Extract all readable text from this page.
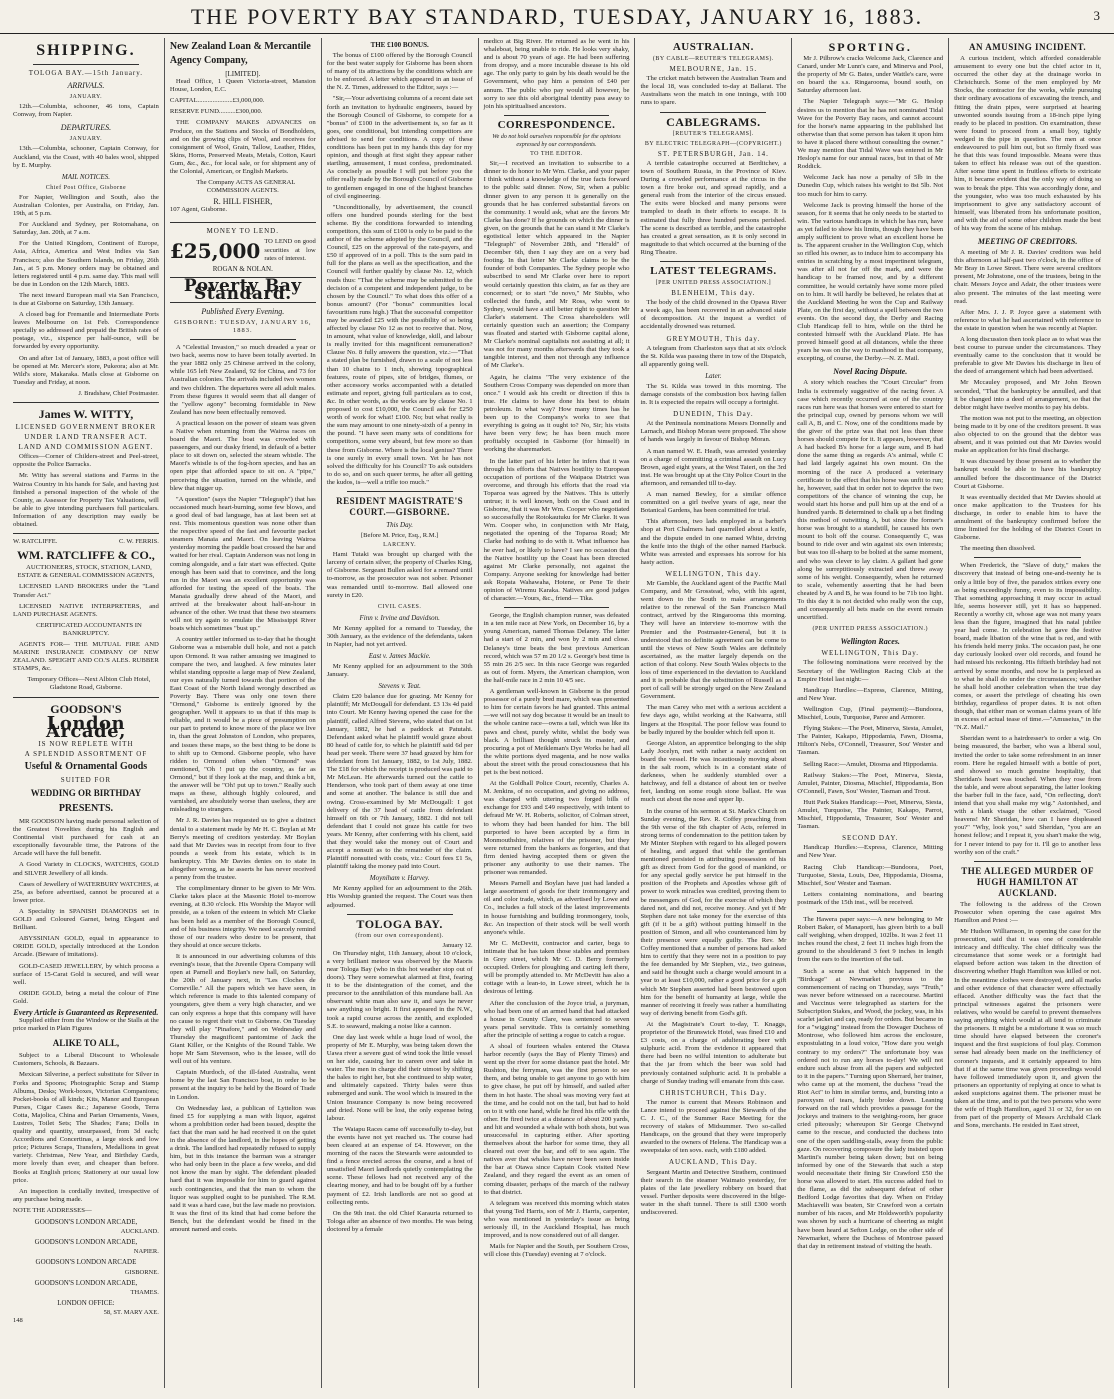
THE POVERTY BAY STANDARD, TUESDAY, JANUARY 16, 1883.	3
SHIPPING.
TOLOGA BAY.—15th January.
ARRIVALS.
JANUARY.

12th.—Columbia, schooner, 46 tons, Captain Conway, from Napier.

DEPARTURES.
JANUARY.

13th.—Columbia, schooner, Captain Conway, for Auckland, via the Coast, with 40 bales wool, shipped by E. Murphy.

MAIL NOTICES.
Chief Post Office, Gisborne

For Napier, Wellington and South, also the Australian Colonies, per Australia, on Friday, Jan. 19th, at 5 p.m.

For Auckland and Sydney, per Rotomahana, on Saturday, Jan. 20th, at 7 a.m.

For the United Kingdom, Continent of Europe, Asia, Africa, America and West Indies via San Francisco; also the Southern Islands, on Friday, 26th Jan., at 5 p.m. Money orders may be obtained and letters registered until 4 p.m. same day. This mail will be due in London on the 12th March, 1883.

The next inward European mail via San Francisco, is due at Gisborne on Saturday, 13th January.

A closed bag for Fremantle and Intermediate Ports leaves Melbourne on 1st Feb. Correspondence specially so addressed and prepaid the British rates of postage, viz., sixpence per half-ounce, will be forwarded by every opportunity.

On and after 1st of January, 1883, a post office will be opened at Mr. Mercer's store, Pukeora; also at Mr. Wild's store, Makaraka. Mails close at Gisborne on Tuesday and Friday, at noon.

J. Bradshaw, Chief Postmaster.
James W. WITTY,
LICENSED GOVERNMENT BROKER
UNDER LAND TRANSFER ACT.
LAND AND COMMISSION AGENT.

Offices—Corner of Childers-street and Peel-street, opposite the Police Barracks.

Mr. Witty has several stations and Farms in the Wairoa Country in his hands for Sale, and having just finished a personal inspection of the whole of the County, as Assessor for Property Tax Valuations, will be able to give intending purchasers full particulars. Information of any description may easily be obtained.

W. RATCLIFFE.	C. W. FERRIS.
WM. RATCLIFFE & CO.,

AUCTIONEERS, STOCK, STATION, LAND, ESTATE & GENERAL COMMISSION AGENTS,

LICENSED LAND BROKERS under the "Land Transfer Act."

LICENSED NATIVE INTERPRETERS, and LAND PURCHASE AGENTS.

CERTIFICATED ACCOUNTANTS IN BANKRUPTCY.

AGENTS FOR— THE MUTUAL FIRE AND MARINE INSURANCE COMPANY OF NEW ZEALAND. SPEIGHT AND CO.'S ALES. RUBBER STAMPS, &c.

Temporary Offices—Next Albion Club Hotel, Gladstone Road, Gisborne.

GOODSON'S
London Arcade,
IS NOW REPLETE WITH
A SPLENDID ASSORTMENT OF
Useful & Ornamental Goods
SUITED FOR
WEDDING OR BIRTHDAY
PRESENTS.

MR GOODSON having made personal selection of the Greatest Novelties during his English and Continental visit purchased for cash at an exceptionally favourable time, the Patrons of the Arcade will have the full benefit.

A Good Variety in CLOCKS, WATCHES, GOLD and SILVER Jewellery of all kinds.

Cases of Jewellery of WATERBURY WATCHES, at 25s, as before advertised, cannot be procured at a lower price.

A Speciality in SPANISH DIAMONDS set in GOLD and Coloured Garnet, being Elegant and Brilliant.

ABYSSINIAN GOLD, equal in appearance to ORIDE GOLD, specially introduced at the London Arcade. (Beware of imitations).

GOLD-CASED JEWELLERY, by which process a surface of 15-Carat Gold is secured, and will wear well.

ORIDE GOLD, being a metal the colour of Fine Gold.

Every Article is Guaranteed as Represented.

Supplied either from the Window or the Stalls at the price marked in Plain Figures

ALIKE TO ALL,

Subject to a Liberal Discount to Wholesale Customers, Schools, & Bazaars.

Mexican Silverine, a perfect substitute for Silver in Forks and Spoons; Photographic Scrap and Stamp Albums, Desks; Work-boxes, Victorian Companions; Pocket-books of all kinds; Kits, Manor and European Purses, Cigar Cases &c.; Japanese Goods, Terra Cotta, Majolica, China and Parian Ornaments, Vases, Lustres, Toilet Sets; The Shades; Fans; Dolls in quality and quantity, unsurpassed, from 3d each; Accordions and Concertinas, a large stock and low price; Pictures Scraps, Transfers, Medallions in great variety. Christmas, New Year, and Birthday Cards, more lovely than ever, and cheaper than before. Books at English prices; Stationery at our usual low price.

An inspection is cordially invited, irrespective of any purchase being made.

NOTE THE ADDRESSES—

GOODSON'S LONDON ARCADE,
AUCKLAND.
GOODSON'S LONDON ARCADE,
NAPIER.
GOODSON'S LONDON ARCADE
GISBORNE.
GOODSON'S LONDON ARCADE,
THAMES.
LONDON OFFICE:
58, ST. MARY AXE.
148
New Zealand Loan & Mercantile Agency Company,
[LIMITED].

Head Office, 1 Queen Victoria-street, Mansion House, London, E.C.

CAPITAL.....................£3,000,000.

RESERVE FUND..........£300,000.

THE COMPANY MAKES ADVANCES on Produce, on the Stations and Stocks of Bondholders, and on the growing clips of Wool, and receives for consignment of Wool, Grain, Tallow, Leather, Hides, Skins, Horns, Preserved Meats, Metals, Cotton, Kauri Gum, &c., &c., for local sale, or for shipment any of the Colonial, American, or English Markets.

The Company ACTS AS GENERAL COMMISSION AGENTS.

R. HILL FISHER,

107 Agent, Gisborne.

MONEY TO LEND.
£25,000 TO LEND on good securities at low rates of interest.
ROGAN & NOLAN.
Poverty Bay Standard.
Published Every Evening.
GISBORNE: TUESDAY, JANUARY 16, 1883.

A "Celestial Invasion," so much dreaded a year or two back, seems now to have been totally averted. In the year 1882 only 25 Chinese arrived in the colony, while 165 left New Zealand, 92 for China, and 73 for Australian colonies. The arrivals included two women and two children. The departures were all adult males. From these figures it would seem that all danger of the "yellow agony" becoming formidable in New Zealand has now been effectually removed.

A practical lesson on the power of steam was given a Native when returning from the Wairoa races on board the Maori. The boat was crowded with passengers, and our dusky friend, in default of a better place to sit down on, selected the steam whistle. The Maori's whistle is of the fog-horn species, and has an open pipe that afforded space to sit on. A "pipe," perceiving the situation, turned on the whistle, and blew that nigger up.

"A question" (says the Napier "Telegraph") that has occasioned much heart-burning, some few blows, and a good deal of bad language, has at last been set at rest. This momentous question was none other than the respective speed of the fast and favourite packet steamers Manaia and Maori. On leaving Wairoa yesterday morning the paddle boat crossed the bar and waited for her rival. Captain Anderson was not long in coming alongside, and a fair start was effected. Quite enough has been said that to convince, and the long run in the Maori was an excellent opportunity was afforded for testing the speed of the boats. The Manaia gradually drew ahead of the Maori, and arrived at the breakwater about half-an-hour in advance of the other. We trust that these two steamers will not try again to emulate the Mississippi River boats which sometimes "bust up."

A country settler informed us to-day that he thought Gisborne was a miserable dull hole, and not a patch upon Ormond. It was rather amusing we imagined to compare the two, and laughed. A few minutes later whilst standing opposite a large map of New Zealand, our eyes naturally turned towards that portion of the East Coast of the North Island wrongly described as Poverty Bay. There was only one town there "Ormond," Gisborne is entirely ignored by the geographer. Well it appears to us that if this map is reliable, and it would be a piece of presumption on our part to pretend to know more of the place we live in, than the great Johnston of London, who prepares, and issues these maps, so the best thing to be done is to shift up to Ormond. Gisborne people, who have ridden to Ormond often when "Ormond" was mentioned, "Oh ! put up the country, as far as Ormond," but if they look at the map, and think a bit, the answer will be "Oh! put up to town." Really such maps as these, although highly coloured, and varnished, are absolutely worse than useless, they are misleading to strangers.

Mr J. R. Davies has requested us to give a distinct denial to a statement made by Mr H. C. Boylan at Mr Berry's meeting of creditors yesterday. Mr Boylan said that Mr Davies was in receipt from four to five pounds a week from his estate, which is in bankruptcy. This Mr Davies denies on to state in altogether wrong, as he asserts he has never received a penny from the trustee.

The complimentary dinner to be given to Mr Wm. Clarke takes place at the Masonic Hotel to-morrow evening, at 8.30 o'clock. His Worship the Mayor will preside, as a token of the esteem in which Mr Clarke has been held as a member of the Borough Council, and of his business integrity. We need scarcely remind those of our readers who desire to be present, that they should at once secure tickets.

It is announced in our advertising columns of this evening's issue, that the Juvenile Opera Company will open at Parnell and Boylan's new hall, on Saturday, the 20th of January next, in "Les Cloches de Corneville." All the papers which we have seen, in which reference is made to this talented company of youngsters, give them a very high character, and we can only express a hope that this company will have no cause to regret their visit to Gisborne. On Tuesday they will play "Pinafore," and on Wednesday and Thursday the magnificent pantomime of Jack the Giant Killer, or the Knights of the Round Table. We hope Mr Sam Stevenson, who is the lessee, will do well out of his venture.

Captain Murdoch, of the ill-fated Australia, went home by the last San Francisco boat, in order to be present at the inquiry to be held by the Board of Trade in London.

On Wednesday last, a publican of Lyttelton was fined £5 for supplying a man with liquor, against whom a prohibition order had been issued, despite the fact that the man said he had received it on the quiet in the absence of the landlord, in the hopes of getting a drink. The landlord had repeatedly refused to supply him, but in this instance the barman was a stranger who had only been in the place a few weeks, and did not know the man by sight. The defendant pleaded hard that it was impossible for him to guard against such contingencies, and that the man to whom the liquor was supplied ought to be punished. The R.M. said it was a hard case, but the law made no provision. It was the first of its kind that had come before the Bench, but the defendant would be fined in the amount named and costs.

THE £100 BONUS.

The bonus of £100 offered by the Borough Council for the best water supply for Gisborne has been shorn of many of its attractions by the conditions which are to be enforced. A letter which appeared in an issue of the N. Z. Times, addressed to the Editor, says :—

"Sir,—Your advertising columns of a recent date set forth an invitation to hydraulic engineers, issued by the Borough Council of Gisborne, to compete for a "bonus" of £100 in the advertisement is, so far as it goes, one conditional, but intending competitors are advised to send for conditions. A copy of these conditions has been put in my hands this day for my opinion, and though at first sight they appear rather startling, amusement, I must confess, predominated. As concisely as possible I will put before you the offer really made by the Borough Council of Gisborne to gentlemen engaged in one of the highest branches of civil engineering.

"Unconditionally, by advertisement, the council offers one hundred pounds sterling for the best scheme. By the conditions forwarded to intending competitors, this sum of £100 is only to be paid to the author of the scheme adopted by the Council, and the Council, £25 on the approval of the rate-payers, and £50 if approved of in a poll. This is the sum paid in full for the plans as well as the specification, and the Council will further qualify by clause No. 12, which reads thus: "That the scheme may be submitted to the decision of a competent and independent judge, to be chosen by the Council." To what does this offer of a bonus amount? (For "bonus" communities local favouritism runs high.) That the successful competitor may be awarded £25 with the possibility of so being affected by clause No 12 as not to receive that. Now, in amount, what value of knowledge, skill, and labour is really invited for this magnificent remuneration? Clause No. 8 fully answers the question, viz.:—"That a stated plan be furnished, drawn to a scale of not less than 10 chains to 1 inch, showing topographical features, route of pipes, site of bridges, flumes, or other accessory works accompanied with a detailed estimate and report, giving full particulars as to cost, &c. In other words, as the works are by clause No. 1 proposed to cost £10,000, the Council ask for £250 worth of work for what! £100. No; but what really is the sum may amount to one ninety-sixth of a penny in the pound. "I have seen many sets of conditions for competitors, some very absurd, but few more so than these from Gisborne. Where is the local genius? There is one surely in every small town. Yet he has not solved the difficulty for his Council? To ask outsiders to do so, and on such queer terms, he after all getting the kudos, is—well a trifle too much."

RESIDENT MAGISTRATE'S COURT.—GISBORNE.
This Day.
[Before M. Price, Esq., R.M.]
LARCENY.

Hami Tutaki was brought up charged with the larceny of certain silver, the property of Charles King, of Gisborne. Sergeant Bullen asked for a remand until to-morrow, as the prosecutor was not sober. Prisoner was remanded until to-morrow. Bail allowed one surety in £20.

CIVIL CASES.
Finn v. Irvine and Davidson.

Mr Kenny applied for a remand to Tuesday, the 30th January, as the evidence of the defendants, taken in Napier, had not yet arrived.

East v. James Mackie.

Mr Kenny applied for an adjournment to the 30th January.

Stevens v. Teat.

Claim £20 balance due for grazing. Mr Kenny for plaintiff; Mr McDougall for defendant. £3 13s 4d paid into Court. Mr Kenny having opened the case for the plaintiff, called Alfred Stevens, who stated that on 1st January, 1882, he had a paddock at Patutahi. Defendant asked what he plaintiff would graze about 80 head of cattle for, to which he plaintiff said 6d per head per week. There were 37 head grazed by him for defendant from 1st January, 1882, to 1st July, 1882. The £18 for which the receipt is produced was paid to Mr McLean. He afterwards turned out the cattle to Henderson, who took part of them away at one time and some at another. The balance is still due and owing. Cross-examined by Mr McDougall: I got delivery of the 37 head of cattle from defendant himself on 6th or 7th January, 1882. I did not tell defendant that I could not graze his cattle for two years. Mr Kenny, after conferring with his client, said that they would take the money out of Court and accept a nonsuit as to the remainder of the claim. Plaintiff nonsuited with costs, viz.: Court fees £1 5s, plaintiff taking the money paid into Court.

Moyniham v. Harvey.

Mr Kenny applied for an adjournment to the 26th. His Worship granted the request. The Court was then adjourned.

TOLOGA BAY.
(from our own correspondent).
January 12.

On Thursday night, 11th January, about 10 o'clock, a very brilliant meteor was observed by the Maoris near Tologa Bay (who in this hot weather stop out of doors). They were somewhat alarmed at first, fearing it to be the disintegration of the comet, and the precursor to the annihilation of this mundane ball. An observant white man also saw it, and says he never saw anything so bright. It first appeared in the N.W., took a rapid course across the zenith, and exploded S.E. to seaward, making a noise like a cannon.

One day last week while a huge load of wool, the property of Mr E. Murphy, was being taken down the Uawa river a severe gust of wind took the little vessel on her side, causing her to careen over and take in water. The men in charge did their utmost by shifting the bales to right her, but she continued to ship water, and ultimately capsized. Thirty bales were thus submerged and sunk. The wool which is insured in the Union Insurance Company is now being recovered and dried. None will be lost, the only expense being labour.

The Waiapu Races came off successfully to-day, but the events have not yet reached us. The course had been cleared at an expense of £4. However, on the morning of the races the Stewards were astounded to find a fence erected across the course, and a host of unsatisfied Maori landlords quietly contemplating the scene. These fellows had not received any of the clearing money, and had to be bought off by a further payment of £2. Irish landlords are not so good at collecting rents.

On the 9th inst. the old Chief Karauria returned to Tologa after an absence of two months. He was being doctored by a female

medico at Big River. He returned as he went in his whaleboat, being unable to ride. He looks very shaky, and is about 70 years of age. He had been suffering from dropsy, and a more incurable disease is his old age. The only party to gain by his death would be the Government, who pay him a pension of £40 per annum. The public who pay would all however, be sorry to see this old aboriginal identity pass away to join his spiritualised ancestors.

CORRESPONDENCE.
We do not hold ourselves responsible for the opinions expressed by our correspondents.
TO THE EDITOR.

Sir,—I received an invitation to subscribe to a dinner to do honor to Mr Wm. Clarke, and your paper I think without a knowledge of the true facts forward to the public said dinner. Now, Sir, when a public dinner given to any person it is generally on the grounds that he has conferred substantial favors on the community. I would ask, what are the favors Mr Clarke has done? If he grounds on which the dinner is given, on the grounds that he can stand it Mr Clarke's egotistical letter which appeared in the Napier "Telegraph" of November 28th, and "Herald" of December 6th, then I say they are on a very bad footing. In that letter Mr Clarke claims to be the founder of both Companies. The Sydney people who subscribed to send Mr Clarke over here to report would certainly question this claim, as far as they are concerned; or to start "de novo," Mr Stubbs, who collected the funds, and Mr Ross, who went to Sydney, would have a still better right to question Mr Clarke's statement. The Cross shareholders will certainly question such an assertion; the Company was floated and started with Gisborne capital alone, Mr Clarke's nominal capitalists not assisting at all; it was not for many months afterwards that they took a tangible interest, and then not through any influence of Mr Clarke's.

Again, he claims "The very existence of the Southern Cross Company was depended on more than once." I would ask his credit or direction if this is true. He claims to have done his best to obtain petroleum. In what way? How many times has he been up to the Company's works to see that everything is going as it ought to? No, Sir; his visits have been very few; he has been much more profitably occupied in Gisborne (for himself) in working the sharemarket.

In the latter part of his letter he infers that it was through his efforts that Natives hostility to European occupation of portions of the Waipaoa District was overcome, and through his efforts that the road via Toparoa was agreed by the Natives. This is utterly untrue; it is well known, both on the Coast and in Gisborne, that it was Mr Wm. Cooper who negotiated so successfully the Rotokautuku for Mr Clarke. It was Wm. Cooper who, in conjunction with Mr Haig, negotiated the opening of the Toparoa Road; Mr Clarke had nothing to do with it. What influence has he ever had, or likely to have? I see no occasion that the Native hostility up the Coast has been directed against Mr Clarke personally, not against the Company. Anyone seeking for knowledge had better ask Ropata Wahawaha, Hotene, or Pene Te their opinion of Wiremu Karaka. Natives are good judges of character.—Yours, &c., friend— Tika.

George, the English champion runner, was defeated in a ten mile race at New York, on December 16, by a young American, named Thomas Delaney. The latter had a start of 2 min, and won by 2 min and close. Delaney's time beats the best previous American record, which was 57 m 20 1/2 s. George's best time is 55 min 26 2/5 sec. In this race George was regarded as out of form. Myers, the American champion, won the half-mile race in 2 min 10 4/5 sec.

A gentleman well-known in Gisborne is the proud possessor of a purely bred mare, which was presented to him for certain favors he had granted. This animal—we will not say dog because it would be an insult to the whole canine race—owns a tail, which was like its paws and chest, purely white, whilst the body was black. A brilliant thought struck its master, and procuring a pot of Meikleman's Dye Works he had all the white portions dyed magenta, and he now walks about the street with the proud consciousness that his pet is the best noticed.

At the Goldhall Police Court, recently, Charles A. M. Jenkins, of no occupation, and giving no address, was charged with uttering two forged bills of exchange for £93 and £49 respectively, with intent to defraud Mr W. H. Roberts, solicitor, of Colman street, to whom they had been handed for him. The bill purported to have been accepted by a firm in Monmouthshire, relatives of the prisoner, but they were returned from the bankers as forgeries, and that firm denied having accepted them or given the prisoner any authority to use their names. The prisoner was remanded.

Messrs Parnell and Boylan have just had landed a large assortment of goods for their ironmongery and oil and color trade, which, as advertised by Lowe and Co., includes a full stock of the latest improvements in house furnishing and building ironmongery, tools, &c. An inspection of their stock will be well worth anyone's while.

Mr C. McDevitt, contractor and carter, begs to intimate that he has taken those stables and premises in Grey street, which Mr C. D. Berry formerly occupied. Orders for ploughing and carting left there, will be promptly attended to. Mr McDevitt has also a cottage with a lean-to, in Lowe street, which he is desirous of letting.

After the conclusion of the Joyce trial, a juryman, who had been one of an armed band that had attacked a house in County Clare, was sentenced to seven years penal servitude. This is certainly something after the principle of setting a rogue to catch a rogue.

A shoal of fourteen whales entered the Otawa harbor recently (says the Bay of Plenty Times) and went up the river for some distance past the hotel. Mr Rushton, the ferryman, was the first person to see them, and being unable to get anyone to go with him to give chase, he put off by himself, and sailed after them in hot haste. The shoal was moving very fast at the time, and he could not on the tail, but had to hold on to it with one hand, while he fired his rifle with the other. He fired twice at a distance of about 200 yards, and hit and wounded a whale with both shots, but was unsuccessful in capturing either. After sporting themselves about the harbor for some time, they all cleared out over the bar, and off to sea again. The natives aver that whales have never been seen inside the bar at Otawa since Captain Cook visited New Zealand, and they regard the event as an omen of coming disaster, perhaps of the march of the railway to that district.

A telegram was received this morning which states that young Ted Harris, son of Mr J. Harris, carpenter, who was mentioned in yesterday's issue as being seriously ill, in the Auckland Hospital, has much improved, and is now considered out of all danger.

Mails for Napier and the South, per Southern Cross, will close this (Tuesday) evening at 7 o'clock.

AUSTRALIAN.
(BY CABLE—REUTER'S TELEGRAMS).
MELBOURNE, Jan. 15.

The cricket match between the Australian Team and the local 18, was concluded to-day at Ballarat. The Australians won the match in one innings, with 100 runs to spare.

CABLEGRAMS.
[REUTER'S TELEGRAMS].
BY ELECTRIC TELEGRAPH—(COPYRIGHT.)
ST. PETERSBURGH, Jan. 14.

A terrible catastrophe occurred at Berditchev, a town of Southern Russia, in the Province of Kiev. During a crowded performance at the circus in the town a fire broke out, and spread rapidly, and a general rush from the interior of the circus ensued. The exits were blocked and many persons were trampled to death in their efforts to escape. It is estimated that fully three hundred persons perished. The scene is described as terrible, and the catastrophe has created a great sensation, as it is only second in magnitude to that which occurred at the burning of the Ring Theatre.

LATEST TELEGRAMS.
[PER UNITED PRESS ASSOCIATION.]
BLENHEIM, This day.

The body of the child drowned in the Opawa River a week ago, has been recovered in an advanced state of decomposition. At the inquest a verdict of accidentally drowned was returned.

GREYMOUTH, This day.

A telegram from Charleston says that at six o'clock the St. Kilda was passing there in tow of the Dispatch, all apparently going well.

Later.

The St. Kilda was towed in this morning. The damage consists of the combustion box having fallen in. It is expected the repairs will occupy a fortnight.

DUNEDIN, This Day.

At the Peninsula nominations Messrs Donnelly and Larnach, and Bishop Moran were proposed. The show of hands was largely in favour of Bishop Moran.

A man named W. E. Heath, was arrested yesterday on a charge of committing a criminal assault on Lucy Brown, aged eight years, at the West Taieri, on the 3rd inst. He was brought up at the City Police Court in the afternoon, and remanded till to-day.

A man named Bewley, for a similar offence committed on a girl twelve years of age, near the Botanical Gardens, has been committed for trial.

This afternoon, two lads employed in a barber's shop at Port Chalmers had quarrelled about a knife, and the dispute ended in one named White, driving the knife into the thigh of the other named Harbuck. White was arrested and expresses his sorrow for his hasty action.

WELLINGTON, This day.

Mr Gamble, the Auckland agent of the Pacific Mail Company, and Mr Grosstead, who, with his agent, went down to the South to make arrangements relative to the renewal of the San Francisco Mail contract, arrived by the Ringarooma this morning. They will have an interview to-morrow with the Premier and the Postmaster-General, but it is understood that no definite agreement can be come to until the views of New South Wales are definitely ascertained, as the matter largely depends on the action of that colony. New South Wales objects to the loss of time experienced in the deviation to Auckland and it is probable that the substitution of Russell as a port of call will be strongly urged on the New Zealand Government.

The man Carey who met with a serious accident a few days ago, whilst working at the Kaiwarra, still lingers at the Hospital. The poor fellow was found to be badly injured by the boulder which fell upon it.

George Alston, an apprentice belonging to the ship Lady Jocelyn, met with rather a nasty accident on board the vessel. He was incautiously moving about in the salt room, which is in a constant state of darkness, when he suddenly stumbled over a hatchway, and fell a distance of about ten or twelve feet, landing on some rough stone ballast. He was much cut about the nose and upper lip.

In the course of his sermon at St. Mark's Church on Sunday evening, the Rev. R. Coffey preaching from the 9th verse of the 6th chapter of Acts, referred in strong terms of condemnation to the petition taken by Mr Minter Stephen with regard to his alleged powers of healing, and argued that while the gentleman mentioned persisted in attributing possession of his gift as direct from God for the good of mankind, or for any special godly service he put himself in the position of the Prophets and Apostles whose gift of power to work miracles was credited, proving them to be messengers of God, for the exercise of which they dared not, and did not, receive money. And yet if Mr Stephen dare not take money for the exercise of this gift (if it be a gift) without putting himself in the position of Simon, and all who countenanced him by their presence were equally guilty. The Rev. Mr Coffey mentioned that a number of persons had asked him to certify that they were not in a position to pay the fee demanded by Mr Stephen, viz., two guineas, and said he thought such a charge would amount in a year to at least £10,000, rather a good price for a gift which Mr Stephen asserted had been bestowed upon him for the benefit of humanity at large, while the manner of receiving it freely was rather a humiliating way of deriving benefit from God's gift.

At the Magistrate's Court to-day, T. Knaggs, proprietor of the Brunswick Hotel, was fined £10 and £3 costs, on a charge of adulterating beer with sulphuric acid. From the evidence it appeared that there had been no wilful intention to adulterate but that the jar from which the beer was sold had previously contained sulphuric acid. It is probable a charge of Sunday trading will emanate from this case.

CHRISTCHURCH, This Day.

The rumor is current that Messrs Robinson and Lance intend to proceed against the Stewards of the C. J. C., of the Summer Race Meeting for the recovery of stakes of Midsummer. Two so-called Handicaps, on the ground that they were improperly awarded to the owners of Helena. The Handicap was a sweepstake of ten sovs. each, with £180 added.

AUCKLAND, This Day.

Sergeant Martin and Detective Strathern, continued their search in the steamer Waimato yesterday, for plates of the late jewellery robbery on board that vessel. Further deposits were discovered in the bilge-water in the shaft tunnel. There is still £300 worth undiscovered.

SPORTING.

Mr J. Pilbrow's cracks Welcome Jack, Clarence and Canard, under Mr Lunn's care, and Minerva and Pool, the property of Mr G. Bates, under Wattle's care, were on board the s.s. Ringarooma, bound south, on Saturday afternoon last.

The Napier Telegraph says:—"Mr G. Heslop desires us to mention that he has not nominated Tidal Wave for the Poverty Bay races, and cannot account for the horse's name appearing in the published list otherwise than that some person has taken it upon him to have it placed there without consulting the owner." We may mention that Tidal Wave was entered in Mr Heslop's name for our annual races, but in that of Mr Roddick.

Welcome Jack has now a penalty of 5lb in the Dunedin Cup, which raises his weight to 8st 5lb. Not too much for him to carry.

Welcome Jack is proving himself the horse of the season, for it seems that he only needs to be started to win. The various handicaps in which he has run, have as yet failed to show his limits, though they have been amply sufficient to prove what an excellent horse he is. The apparent crusher in the Wellington Cup, which so rifled his owner, as to induce him to accompany his entries in scratching by a most impertinent telegram, was after all not far off the mark, and were the handicap to be framed now, and by a different committee, he would certainly have some more piled on to him. It will hardly be believed, he relates that at the Auckland Meeting he won the Cup and Railway Plate, on the first day, without a spell between the two events. On the second day, the Derby and Racing Club Handicap fell to him, while on the third he contested himself with the Auckland Plate. He has proved himself good at all distances, while the three years he was on the way to manhood in that company, excepting, of course, the Derby.—N. Z. Mail.

Novel Racing Dispute.

A story which reaches the "Court Circular" from India is extremely suggestive of the racing fever. A case which recently occurred at one of the country races run here was that horses were entered to start for the principal cup, owned by persons whom we will call A, B, and C. Now, one of the conditions made by the giver of the prize was that not less than three horses should compete for it. It appears, however, that A had backed B's horse for a large sum, and B had done the same thing as regards A's animal, while C had laid largely against his own mount. On the morning of the race A produced a veterinary certificate to the effect that his horse was unfit to run; he, however, said that in order not to deprive the two competitors of the chance of winning the cup, he would start his horse and pull him up at the end of a hundred yards. B determined to chalk up a bet finding this method of outwitting A, but since the former's horse was brought to a standstill, he caused his own mount to bolt off the course. Consequently C, was bound to ride over and win against six own interests; but was too ill-sharp to be bolted at the same moment, and who was clever to lay claim. A gallant had gone along be surreptitiously extracted and threw away some of his weight. Consequently, when he returned to scale, vehemently asserting that he had been cheated by A and B, he was found to be 71b too light. To this day it is not decided who really won the cup, and consequently all bets made on the event remain uncertified.

(PER UNITED PRESS ASSOCIATION.)
Wellington Races.
WELLINGTON, This Day.

The following nominations were received by the Secretary of the Wellington Racing Club at the Empire Hotel last night:—

Handicap Hurdles:—Express, Clarence, Mitting, and New Year.

Wellington Cup, (Final payment):—Bundoora, Mischief, Louis, Turquoise, Paree and Armorer.

Flying Stakes:—The Poet, Minerva, Siesta, Amulet, The Painter, Kakapo, Hippodamia, Fawn, Diosma, Hilton's Nebs, O'Connell, Treasurer, Sou' Wester and Tasman.

Selling Race:—Amulet, Diosma and Hippodamia.

Railway Stakes:—The Poet, Minerva, Siesta, Amulet, Painter, Diosma, Mischief, Hippodamia, Bon O'Connell, Fawn, Sou' Wester, Tasman and Trout.

Hutt Park Stakes Handicap:—Poet, Minerva, Siesta, Amulet, Turquoise, The Painter, Kakapo, Parrot, Mischief, Hippodamia, Treasurer, Sou' Wester and Tasman.

SECOND DAY.

Handicap Hurdles:—Express, Clarence, Mitting and New Year.

Racing Club Handicap:—Bundoora, Poet, Turquoise, Siesta, Louis, Dee, Hippodamia, Diosma, Mischief, Sou' Wester and Tasman.

Letters containing nominations, and bearing postmark of the 15th inst., will be received.

The Hawera paper says:—A new belonging to Mr Robert Baker, of Manaporti, has given birth to a bull calf weighing, when dropped, 102lbs. It was 2 feet 11 inches round the chest, 2 feet 11 inches high from the ground to the shoulderand 3 feet 9 inches in length from the ears to the insertion of the tail.

Such a scene as that which happened in the "Birdcage" at Newmarket previous to the commencement of racing on Thursday, says "Truth," was never before witnessed on a racecourse. Martini and Vaccinus were telegraphed as starters for the Subscription Stakes, and Wood, the jockey, was, in his scarlet jacket and cap, ready for orders. But became in for a "wigging" instead from the Dowager Duchess of Montrose, who followed him across the enclosure, expostulating in a loud voice, "How dare you weigh contrary to my orders?" The unfortunate boy was ordered not to run any horses to-day! We will not endure such abuse from all the papers and subjected to it in the papers." Turning upon Sherrard, her trainer, who came up at the moment, the duchess "read the Riot Act" to him in similar terms, and, bursting into a paroxysm of tears, fairly broke down. Leaning forward on the rail which provides a passage for the jockeys and trainers to the weighing-room, her grace cried piteously; whereupon Sir George Chetwynd came to the rescue, and conducted the duchess into one of the open saddling-stalls, away from the public gaze. On recovering composure the lady insisted upon Martini's number being taken down; but on being informed by one of the Stewards that such a step would necessitate their fining Sir Crawford £50 the horse was allowed to start. His success added fuel to the flame, as did the subsequent defeat of other Bedford Lodge favorites that day. When on Friday Machiavelli was beaten, Sir Crawford won a certain number of his races, and Mr Holdsworth's popularity was shown by such a hurricane of cheering as might have been heard at Sefton Lodge, on the other side of Newmarket, where the Duchess of Montrose passed that day in retirement instead of visiting the heath.

AN AMUSING INCIDENT.

A curious incident, which afforded considerable amusement to every one but the chief actor in it, occurred the other day at the drainage works in Christchurch. Some of the men employed by Mr Stocks, the contractor for the works, while pursuing their ordinary avocations of excavating the trench, and fitting the drain pipes, were surprised at hearing unwonted sounds issuing from a 18-inch pipe lying ready to be placed in position. On examination, these were found to proceed from a small boy, tightly wedged in the pipe in question. The men at once endeavoured to pull him out, but so firmly fixed was he that this was found impossible. Means were thus taken to effect his release was out of the question. After some time spent in fruitless efforts to extricate him, it became evident that the only way of doing so was to break the pipe. This was accordingly done, and the youngster, who was too much exhausted by his imprisonment to give any satisfactory account of himself, was liberated from his unfortunate position, and with the aid of some other children made the best of his way from the scene of his mishap.

MEETING OF CREDITORS.

A meeting of Mr J. R. Davies' creditors was held this afternoon at half-past two o'clock, in the office of Mr Bray in Lowe Street. There were several creditors present, Mr Johnstone, one of the trustees, being in the chair. Messrs Joyce and Adair, the other trustees were also present. The minutes of the last meeting were read.

After Mrs. J. J. P. Joyce gave a statement with reference to what he had ascertained with reference to the estate in question when he was recently at Napier.

A long discussion then took place as to what was the best course to pursue under the circumstances. They eventually came to the conclusion that it would be preferable to give Mr Davies his discharge in lieu of the deed of arrangement which had been advertised.

Mr Mccauley proposed, and Mr John Brown seconded, "That the bankruptcy be annulled, and that it be changed into a deed of arrangement, so that the debtor might have twelve months to pay his debts.

The motion was not put to the meeting, an objection being made to it by one of the creditors present. It was also objected to on the ground that the debtor was absent, and it was pointed out that Mr Davies would make an application for his final discharge.

It was discussed by those present as to whether the bankrupt would be able to have his bankruptcy annulled before the discontinuance of the District Court at Gisborne.

It was eventually decided that Mr Davies should at once make application to the Trustees for his discharge, in order to enable him to have the annulment of the bankruptcy confirmed before the time limited for the holding of the District Court in Gisborne.

The meeting then dissolved.

When Frederick, the "Slave of duty," makes the discovery that instead of being one-and-twenty he is only a little boy of five, the paradox strikes every one as being exceedingly funny, even to its impossibility. That something approaching it may occur in actual life, seems however still, yet it has so happened. Recently a worthy cit, whose age was not many years less than the figure, imagined that his natal jubilee year had come. In celebration he gave the festive board, made libation of the wine that is red, and with his friends held merry jinks. The occasion past, he one day curiously looked over old records, and found he had missed his reckoning. His fiftieth birthday had not arrived by some months, and now he is perplexed as to what he shall do under the circumstances; whether he shall hold another celebration when the true day comes, or assert the privilege of cheating his own birthday, regardless of proper dates. It is not often though, that either man or woman claims years of life in excess of actual tease of time.—"Amuseius," in the "N.Z. Mail."

Sheridan went to a hairdresser's to order a wig. On being measured, the barber, who was a liberal soul, invited the order to take some refreshment in an inner room. Here he regaled himself with a bottle of port, and showed so much genuine hospitality, that Sheridan's heart was touched. When they rose from the table, and were about separating, the latter looking the barber full in the face, said, "On reflecting, don't intend that you shall make my wig." Astonished, and with a blank visage the other exclaimed, "Good heavens! Mr Sheridan, how can I have displeased you?" "Why, look you," said Sheridan, "you are an honest fellow; and I repeat it, you shan't make the wig, for I never intend to pay for it. I'll go to another less worthy son of the craft."

THE ALLEGED MURDER OF HUGH HAMILTON AT AUCKLAND.

The following is the address of the Crown Prosecutor when opening the case against Mrs Hamilton and Priest :—

Mr Hudson Williamson, in opening the case for the prosecution, said that it was one of considerable intricacy and difficulty. The chief difficulty was the circumstance that some week or a fortnight had elapsed before action was taken in the direction of discovering whether Hugh Hamilton was killed or not. In the meantime clothes were destroyed, and all marks and other evidence of that character were effectually effaced. Another difficulty was the fact that the principal witnesses against the prisoners were relatives, who would be careful to prevent themselves saying anything which would at all tend to criminate the prisoners. It might be a misfortune it was so much time should have elapsed between the coroner's inquest and the first suspicions of foul play. Common sense had already been made on the inefficiency of coroner's inquests, and it certainly appeared to him that if at the same time was given proceedings would have followed immediately upon it, and given the prisoners an opportunity of replying at once to what is asked suspicions against them. The prisoner must be taken at the time, and to put the two persons who were the wife of Hugh Hamilton, aged 31 or 32, for so on from part of the property of Messrs Archibald Clark and Sons, merchants. He resided in East street,
